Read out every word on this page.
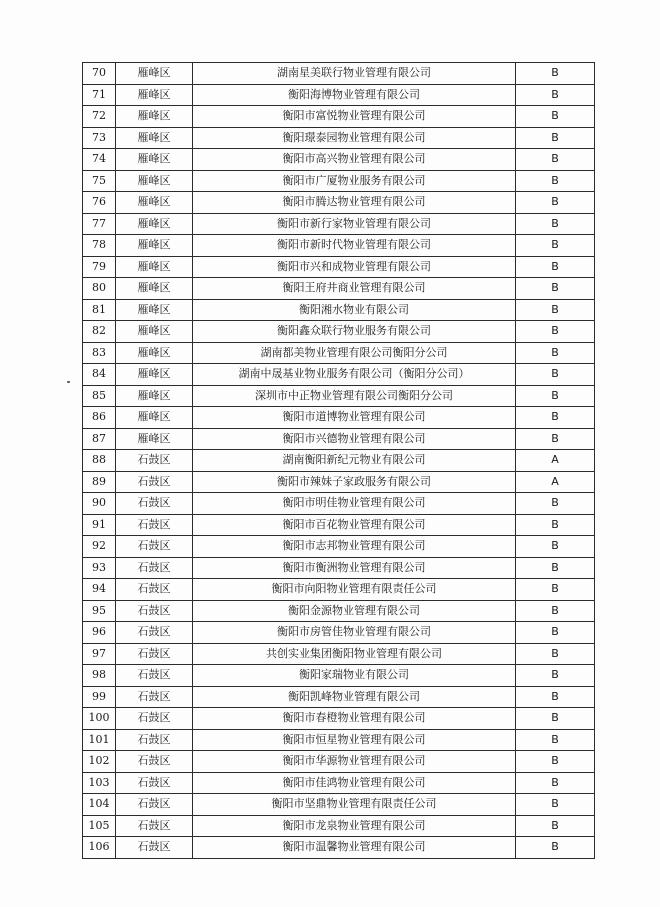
70	雁峰区	湖南星美联行物业管理有限公司	B
71	雁峰区	衡阳海博物业管理有限公司	B
72	雁峰区	衡阳市富悦物业管理有限公司	B
73	雁峰区	衡阳璟泰园物业管理有限公司	B
74	雁峰区	衡阳市高兴物业管理有限公司	B
75	雁峰区	衡阳市广厦物业服务有限公司	B
76	雁峰区	衡阳市腾达物业管理有限公司	B
77	雁峰区	衡阳市新行家物业管理有限公司	B
78	雁峰区	衡阳市新时代物业管理有限公司	B
79	雁峰区	衡阳市兴和成物业管理有限公司	B
80	雁峰区	衡阳王府井商业管理有限公司	B
81	雁峰区	衡阳湘水物业有限公司	B
82	雁峰区	衡阳鑫众联行物业服务有限公司	B
83	雁峰区	湖南都美物业管理有限公司衡阳分公司	B
84	雁峰区	湖南中晟基业物业服务有限公司（衡阳分公司）	B
85	雁峰区	深圳市中正物业管理有限公司衡阳分公司	B
86	雁峰区	衡阳市道博物业管理有限公司	B
87	雁峰区	衡阳市兴德物业管理有限公司	B
88	石鼓区	湖南衡阳新纪元物业有限公司	A
89	石鼓区	衡阳市辣妹子家政服务有限公司	A
90	石鼓区	衡阳市明佳物业管理有限公司	B
91	石鼓区	衡阳市百花物业管理有限公司	B
92	石鼓区	衡阳市志邦物业管理有限公司	B
93	石鼓区	衡阳市衡洲物业管理有限公司	B
94	石鼓区	衡阳市向阳物业管理有限责任公司	B
95	石鼓区	衡阳金源物业管理有限公司	B
96	石鼓区	衡阳市房管佳物业管理有限公司	B
97	石鼓区	共创实业集团衡阳物业管理有限公司	B
98	石鼓区	衡阳家瑞物业有限公司	B
99	石鼓区	衡阳凯峰物业管理有限公司	B
100	石鼓区	衡阳市春橙物业管理有限公司	B
101	石鼓区	衡阳市恒星物业管理有限公司	B
102	石鼓区	衡阳市华源物业管理有限公司	B
103	石鼓区	衡阳市佳鸿物业管理有限公司	B
104	石鼓区	衡阳市坚鼎物业管理有限责任公司	B
105	石鼓区	衡阳市龙泉物业管理有限公司	B
106	石鼓区	衡阳市温馨物业管理有限公司	B
